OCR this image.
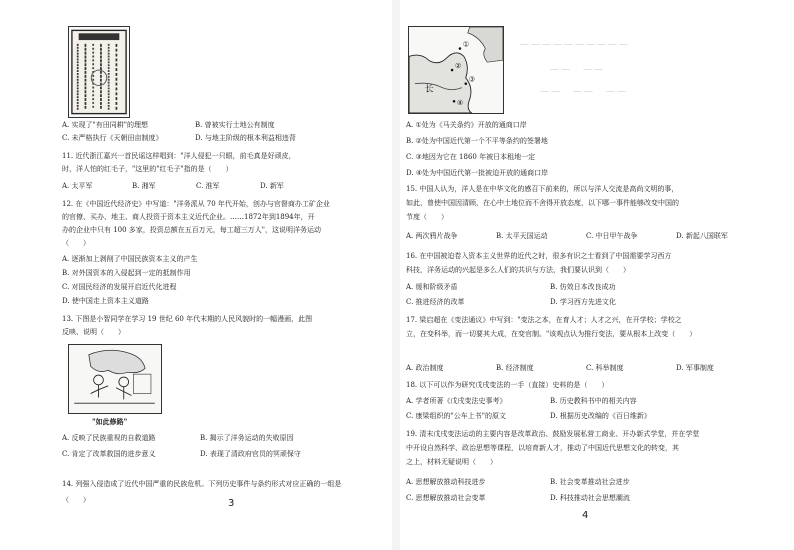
A. 实现了"有田同耕"的理想	B. 曾被实行土地公有制度
C. 未严格执行《天朝田亩制度》	D. 与地主阶级的根本利益相违背
11. 近代浙江嘉兴一首民谣这样唱到："洋人侵犯一只眼，前毛真是好顽皮，
时，洋人怕的红毛子，"这里的"红毛子"指的是（　　）
A. 太平军	B. 湘军	C. 淮军	D. 新军
12. 在《中国近代经济史》中写道："洋务派从 70 年代开始，创办与官督商办工矿企业
的官僚、买办、地主、商人投资于资本主义近代企业。……1872年到1894年，开
办的企业中只有 100 多家，投资总额在五百万元，每工超三万人"，这说明洋务运动
（　　）
A. 逐渐加上剥削了中国民族资本主义的产生
B. 对外国资本的入侵起到一定的抵制作用
C. 对国民经济的发展开启近代化进程
D. 使中国走上资本主义道路
13. 下图是小智同学在学习 19 世纪 60 年代末期的人民风貌时的一幅漫画，此图
反映、说明（　　）
"如此修路"
A. 反映了民族重视的自救道路	B. 揭示了洋务运动的失败原因
C. 肯定了改革救国的进步意义	D. 表现了清政府官员的冥顽保守
14. 列强入侵造成了近代中国严重的民族危机。下列历史事件与条约形式对应正确的一组是
（　　）	3
长
①
②
③
④
——————————
——　——
——　——　——
A. ①处为《马关条约》开放的通商口岸
B. ②处为中国近代第一个不平等条约的签署地
C. ③地因为它在 1860 年被日本租地一定
D. ④处为中国近代第一批被迫开放的通商口岸
15. 中国人认为，洋人是在中华文化的感召下前来的，所以与洋人交流是高尚文明的事，
如此，曾使中国因清顾，在心中土地位而不舍得开放态度，以下哪一事件能够改变中国的
节度（　　）
A. 两次鸦片战争	B. 太平天国运动	C. 中日甲午战争	D. 新起八国联军
16. 在中国被迫卷入资本主义世界的近代之时，很多有识之士看到了中国需要学习西方
科技，洋务运动的兴起是多么人们的共识与方法，我们要认识到（　　）
A. 缓和阶级矛盾	B. 仿效日本改良成功
C. 推进经济的改革	D. 学习西方先进文化
17. 梁启超在《变法通议》中写到："变法之本，在育人才；人才之兴，在开学校；学校之
立，在变科举，而一切要其大成，在变官制。"该观点认为推行变法，要从根本上改变（　　）
A. 政治制度	B. 经济制度	C. 科举制度	D. 军事制度
18. 以下可以作为研究戊戌变法的一手（直接）史料的是（　　）
A. 学者所著《戊戌变法史事考》	B. 历史教科书中的相关内容
C. 康梁组织的"公车上书"的原文	D. 根据历史改编的《百日维新》
19. 清末戊戌变法运动的主要内容是改革政治、鼓励发展私营工商业、开办新式学堂，并在学堂
中开设自然科学、政治思想等课程，以培育新人才，推动了中国近代思想文化的转变，其
之上，材料无疑说明（　　）
A. 思想解放推动科技进步	B. 社会变革推动社会进步
C. 思想解放推动社会变革	D. 科技推动社会思想潮流
4
